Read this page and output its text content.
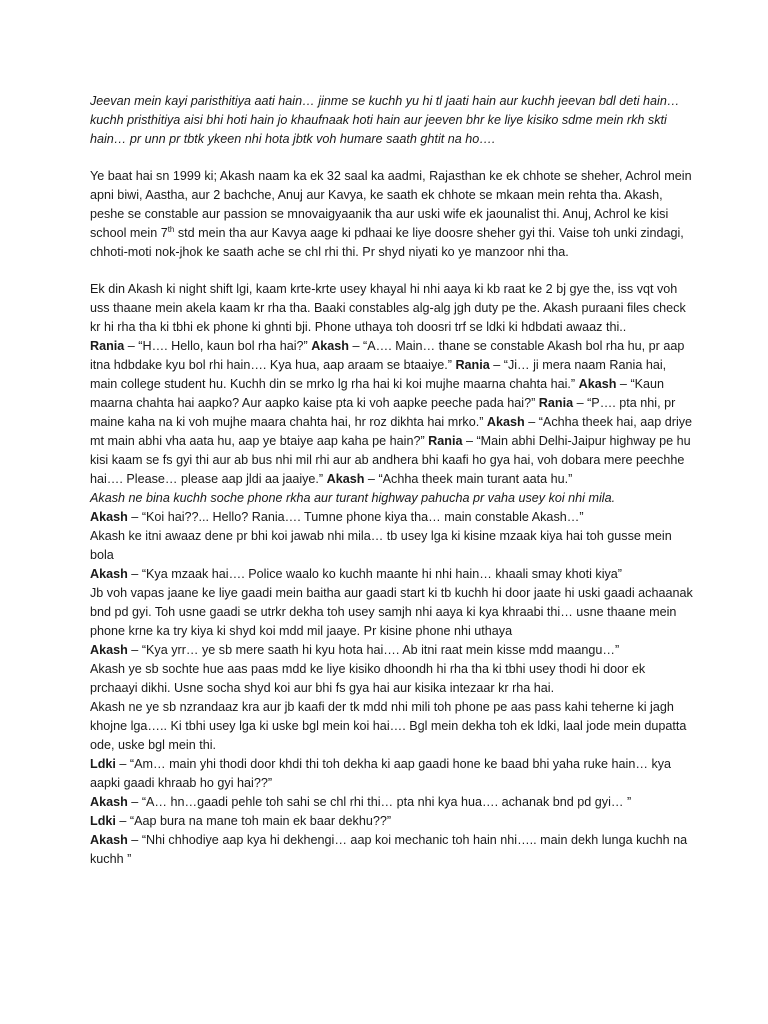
Jeevan mein kayi paristhitiya aati hain… jinme se kuchh yu hi tl jaati hain aur kuchh jeevan bdl deti hain… kuchh pristhitiya aisi bhi hoti hain jo khaufnaak hoti hain aur jeeven bhr ke liye kisiko sdme mein rkh skti hain… pr unn pr tbtk ykeen nhi hota jbtk voh humare saath ghtit na ho….

Ye baat hai sn 1999 ki; Akash naam ka ek 32 saal ka aadmi, Rajasthan ke ek chhote se sheher, Achrol mein apni biwi, Aastha, aur 2 bachche, Anuj aur Kavya, ke saath ek chhote se mkaan mein rehta tha. Akash, peshe se constable aur passion se mnovaigyaanik tha aur uski wife ek jaounalist thi. Anuj, Achrol ke kisi school mein 7th std mein tha aur Kavya aage ki pdhaai ke liye doosre sheher gyi thi. Vaise toh unki zindagi, chhoti-moti nok-jhok ke saath ache se chl rhi thi. Pr shyd niyati ko ye manzoor nhi tha.

Ek din Akash ki night shift lgi, kaam krte-krte usey khayal hi nhi aaya ki kb raat ke 2 bj gye the, iss vqt voh uss thaane mein akela kaam kr rha tha. Baaki constables alg-alg jgh duty pe the. Akash puraani files check kr hi rha tha ki tbhi ek phone ki ghnti bji. Phone uthaya toh doosri trf se ldki ki hdbdati awaaz thi..
Rania – “H…. Hello, kaun bol rha hai?” Akash – “A…. Main… thane se constable Akash bol rha hu, pr aap itna hdbdake kyu bol rhi hain…. Kya hua, aap araam se btaaiye.” Rania – “Ji… ji mera naam Rania hai, main college student hu. Kuchh din se mrko lg rha hai ki koi mujhe maarna chahta hai.” Akash – “Kaun maarna chahta hai aapko? Aur aapko kaise pta ki voh aapke peeche pada hai?” Rania – “P…. pta nhi, pr maine kaha na ki voh mujhe maara chahta hai, hr roz dikhta hai mrko.” Akash – “Achha theek hai, aap driye mt main abhi vha aata hu, aap ye btaiye aap kaha pe hain?” Rania – “Main abhi Delhi-Jaipur highway pe hu kisi kaam se fs gyi thi aur ab bus nhi mil rhi aur ab andhera bhi kaafi ho gya hai, voh dobara mere peechhe hai…. Please… please aap jldi aa jaaiye.” Akash – “Achha theek main turant aata hu.”

Akash ne bina kuchh soche phone rkha aur turant highway pahucha pr vaha usey koi nhi mila.

Akash – “Koi hai??... Hello? Rania…. Tumne phone kiya tha… main constable Akash…”

Akash ke itni awaaz dene pr bhi koi jawab nhi mila… tb usey lga ki kisine mzaak kiya hai toh gusse mein bola

Akash – “Kya mzaak hai…. Police waalo ko kuchh maante hi nhi hain… khaali smay khoti kiya”

Jb voh vapas jaane ke liye gaadi mein baitha aur gaadi start ki tb kuchh hi door jaate hi uski gaadi achaanak bnd pd gyi. Toh usne gaadi se utrkr dekha toh usey samjh nhi aaya ki kya khraabi thi… usne thaane mein phone krne ka try kiya ki shyd koi mdd mil jaaye. Pr kisine phone nhi uthaya

Akash – “Kya yrr… ye sb mere saath hi kyu hota hai…. Ab itni raat mein kisse mdd maangu…”

Akash ye sb sochte hue aas paas mdd ke liye kisiko dhoondh hi rha tha ki tbhi usey thodi hi door ek prchaayi dikhi. Usne socha shyd koi aur bhi fs gya hai aur kisika intezaar kr rha hai.

Akash ne ye sb nzrandaaz kra aur jb kaafi der tk mdd nhi mili toh phone pe aas pass kahi teherne ki jagh khojne lga….. Ki tbhi usey lga ki uske bgl mein koi hai…. Bgl mein dekha toh ek ldki, laal jode mein dupatta ode, uske bgl mein thi.

Ldki – “Am… main yhi thodi door khdi thi toh dekha ki aap gaadi hone ke baad bhi yaha ruke hain… kya aapki gaadi khraab ho gyi hai??”

Akash – “A… hn…gaadi pehle toh sahi se chl rhi thi… pta nhi kya hua…. achanak bnd pd gyi… ”

Ldki – “Aap bura na mane toh main ek baar dekhu??”

Akash – “Nhi chhodiye aap kya hi dekhengi… aap koi mechanic toh hain nhi….. main dekh lunga kuchh na kuchh ”
